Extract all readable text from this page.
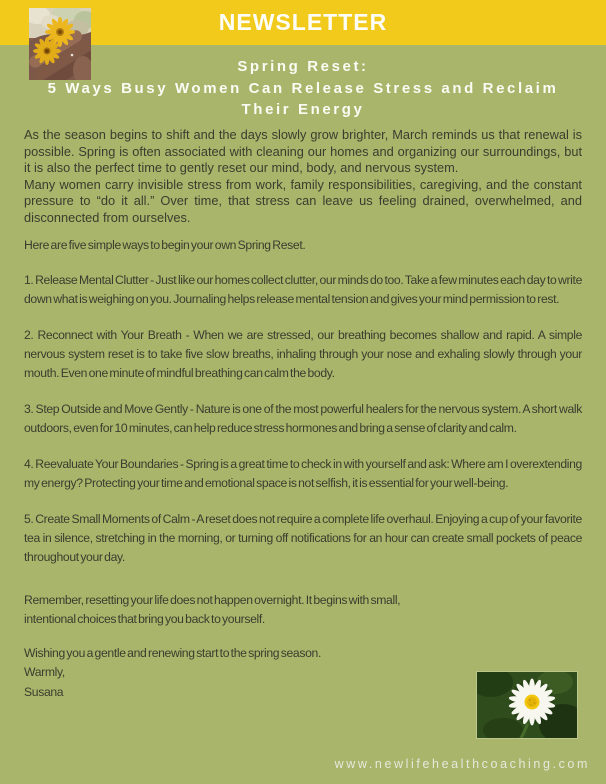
NEWSLETTER
Spring Reset:
5 Ways Busy Women Can Release Stress and Reclaim
Their Energy

As the season begins to shift and the days slowly grow brighter, March reminds us that renewal is possible. Spring is often associated with cleaning our homes and organizing our surroundings, but it is also the perfect time to gently reset our mind, body, and nervous system.

Many women carry invisible stress from work, family responsibilities, caregiving, and the constant pressure to “do it all.” Over time, that stress can leave us feeling drained, overwhelmed, and disconnected from ourselves.

Here are five simple ways to begin your own Spring Reset.

1. Release Mental Clutter - Just like our homes collect clutter, our minds do too. Take a few minutes each day to write down what is weighing on you. Journaling helps release mental tension and gives your mind permission to rest.

2. Reconnect with Your Breath - When we are stressed, our breathing becomes shallow and rapid. A simple nervous system reset is to take five slow breaths, inhaling through your nose and exhaling slowly through your mouth. Even one minute of mindful breathing can calm the body.

3. Step Outside and Move Gently - Nature is one of the most powerful healers for the nervous system. A short walk outdoors, even for 10 minutes, can help reduce stress hormones and bring a sense of clarity and calm.

4. Reevaluate Your Boundaries - Spring is a great time to check in with yourself and ask: Where am I overextending my energy? Protecting your time and emotional space is not selfish, it is essential for your well-being.

5. Create Small Moments of Calm - A reset does not require a complete life overhaul. Enjoying a cup of your favorite tea in silence, stretching in the morning, or turning off notifications for an hour can create small pockets of peace throughout your day.

Remember, resetting your life does not happen overnight. It begins with small,
intentional choices that bring you back to yourself.

Wishing you a gentle and renewing start to the spring season.

Warmly,

Susana

www.newlifehealthcoaching.com
